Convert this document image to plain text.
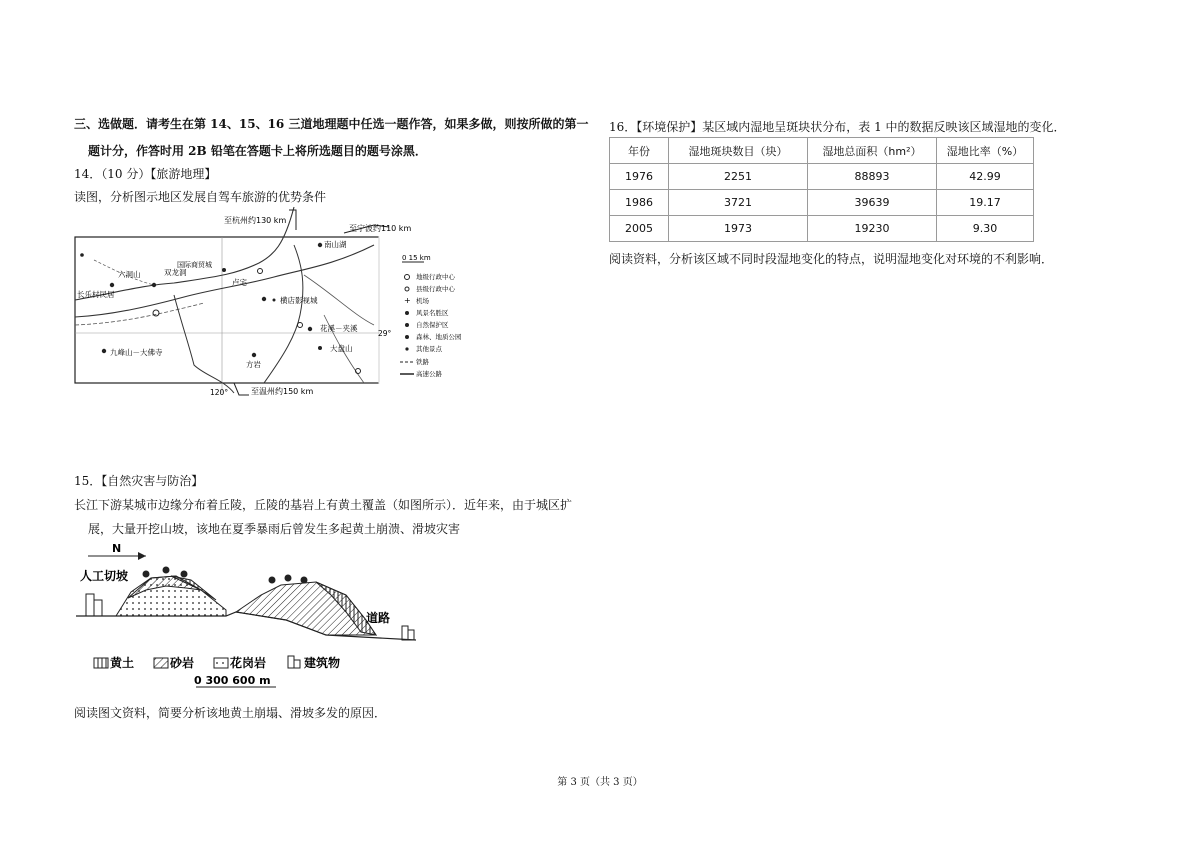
三、选做题．请考生在第 14、15、16 三道地理题中任选一题作答，如果多做，则按所做的第一
题计分，作答时用 2B 铅笔在答题卡上将所选题目的题号涂黑．
14．（10 分）【旅游地理】
读图，分析图示地区发展自驾车旅游的优势条件
至杭州约130 km
至宁波约110 km
至温州约150 km
南山湖
六洞山	双龙洞
国际商贸城
长乐村民居
卢宅
横店影视城
花溪－夹溪
九峰山－大佛寺	大盘山
方岩
29°
120°
0 15 km
地级行政中心
县级行政中心
+ 机场
风景名胜区
自然保护区
森林、地质公园
其他景点
铁路
高速公路
15．【自然灾害与防治】
长江下游某城市边缘分布着丘陵，丘陵的基岩上有黄土覆盖（如图所示）．近年来，由于城区扩
展，大量开挖山坡，该地在夏季暴雨后曾发生多起黄土崩溃、滑坡灾害
N
人工切坡
道路
黄土	砂岩	花岗岩	建筑物
0 300 600 m
阅读图文资料，简要分析该地黄土崩塌、滑坡多发的原因．
16．【环境保护】某区域内湿地呈斑块状分布，表 1 中的数据反映该区域湿地的变化．
年份	湿地斑块数目（块）	湿地总面积（hm²）	湿地比率（%）
1976	2251	88893	42.99
1986	3721	39639	19.17
2005	1973	19230	9.30
阅读资料，分析该区域不同时段湿地变化的特点，说明湿地变化对环境的不利影响．
第 3 页（共 3 页）
